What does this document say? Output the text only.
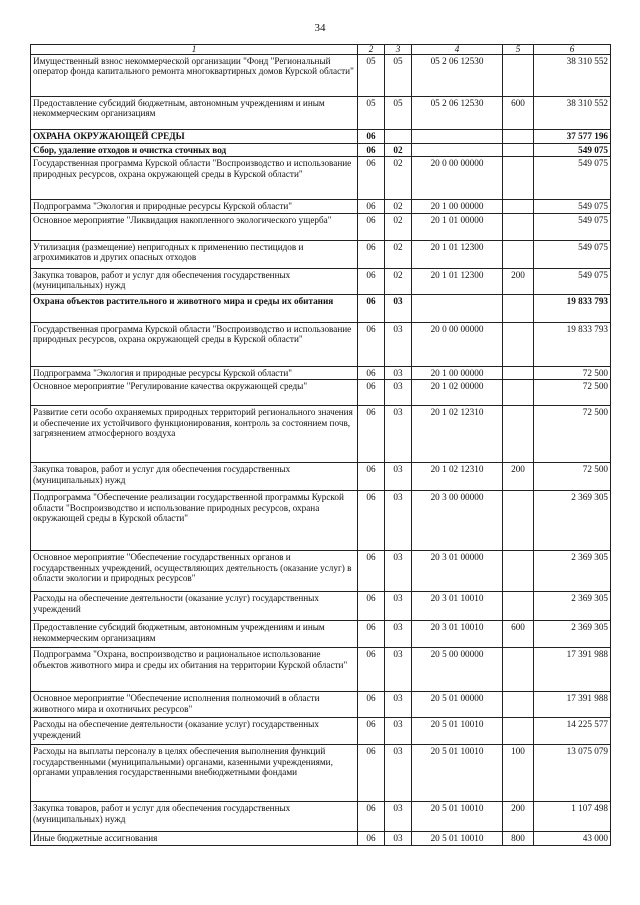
34
1	2	3	4	5	6
Имущественный взнос некоммерческой организации "Фонд "Региональный оператор фонда капитального ремонта многоквартирных домов Курской области"	05	05	05 2 06 12530		38 310 552
Предоставление субсидий бюджетным, автономным учреждениям и иным некоммерческим организациям	05	05	05 2 06 12530	600	38 310 552
ОХРАНА ОКРУЖАЮЩЕЙ СРЕДЫ	06				37 577 196
Сбор, удаление отходов и очистка сточных вод	06	02			549 075
Государственная программа Курской области "Воспроизводство и использование природных ресурсов, охрана окружающей среды в Курской области"	06	02	20 0 00 00000		549 075
Подпрограмма "Экология и природные ресурсы Курской области"	06	02	20 1 00 00000		549 075
Основное мероприятие "Ликвидация накопленного экологического ущерба"	06	02	20 1 01 00000		549 075
Утилизация (размещение) непригодных к применению пестицидов и агрохимикатов и других опасных отходов	06	02	20 1 01 12300		549 075
Закупка товаров, работ и услуг для обеспечения государственных (муниципальных) нужд	06	02	20 1 01 12300	200	549 075
Охрана объектов растительного и животного мира и среды их обитания	06	03			19 833 793
Государственная программа Курской области "Воспроизводство и использование природных ресурсов, охрана окружающей среды в Курской области"	06	03	20 0 00 00000		19 833 793
Подпрограмма "Экология и природные ресурсы Курской области"	06	03	20 1 00 00000		72 500
Основное мероприятие "Регулирование качества окружающей среды"	06	03	20 1 02 00000		72 500
Развитие сети особо охраняемых природных территорий регионального значения и обеспечение их устойчивого функционирования, контроль за состоянием почв, загрязнением атмосферного воздуха	06	03	20 1 02 12310		72 500
Закупка товаров, работ и услуг для обеспечения государственных (муниципальных) нужд	06	03	20 1 02 12310	200	72 500
Подпрограмма "Обеспечение реализации государственной программы Курской области "Воспроизводство и использование природных ресурсов, охрана окружающей среды в Курской области"	06	03	20 3 00 00000		2 369 305
Основное мероприятие "Обеспечение государственных органов и государственных учреждений, осуществляющих деятельность (оказание услуг) в области экологии и природных ресурсов"	06	03	20 3 01 00000		2 369 305
Расходы на обеспечение деятельности (оказание услуг) государственных учреждений	06	03	20 3 01 10010		2 369 305
Предоставление субсидий бюджетным, автономным учреждениям и иным некоммерческим организациям	06	03	20 3 01 10010	600	2 369 305
Подпрограмма "Охрана, воспроизводство и рациональное использование объектов животного мира и среды их обитания на территории Курской области"	06	03	20 5 00 00000		17 391 988
Основное мероприятие "Обеспечение исполнения полномочий в области животного мира и охотничьих ресурсов"	06	03	20 5 01 00000		17 391 988
Расходы на обеспечение деятельности (оказание услуг) государственных учреждений	06	03	20 5 01 10010		14 225 577
Расходы на выплаты персоналу в целях обеспечения выполнения функций государственными (муниципальными) органами, казенными учреждениями, органами управления государственными внебюджетными фондами	06	03	20 5 01 10010	100	13 075 079
Закупка товаров, работ и услуг для обеспечения государственных (муниципальных) нужд	06	03	20 5 01 10010	200	1 107 498
Иные бюджетные ассигнования	06	03	20 5 01 10010	800	43 000
